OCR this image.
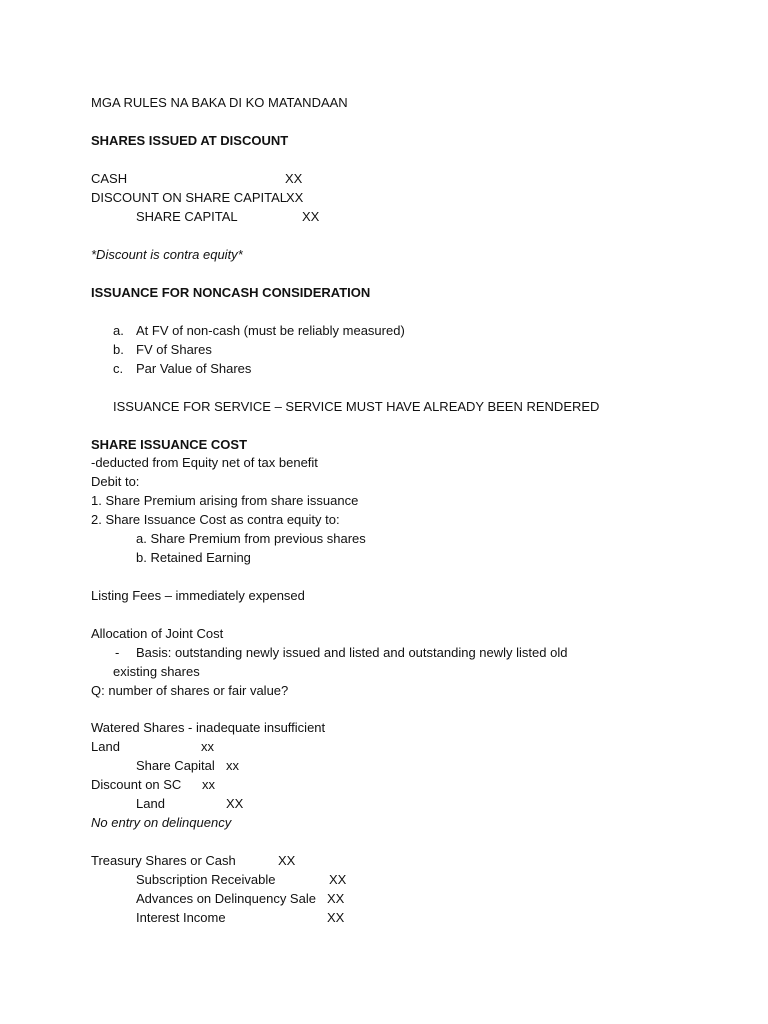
MGA RULES NA BAKA DI KO MATANDAAN
SHARES ISSUED AT DISCOUNT
CASH	XX
DISCOUNT ON SHARE CAPITAL XX
SHARE CAPITAL	XX
*Discount is contra equity*
ISSUANCE FOR NONCASH CONSIDERATION
a. At FV of non-cash (must be reliably measured)
b. FV of Shares
c. Par Value of Shares
ISSUANCE FOR SERVICE – SERVICE MUST HAVE ALREADY BEEN RENDERED
SHARE ISSUANCE COST
-deducted from Equity net of tax benefit
Debit to:
1. Share Premium arising from share issuance
2. Share Issuance Cost as contra equity to:
a. Share Premium from previous shares
b. Retained Earning
Listing Fees – immediately expensed
Allocation of Joint Cost
- Basis: outstanding newly issued and listed and outstanding newly listed old
existing shares
Q: number of shares or fair value?
Watered Shares - inadequate insufficient
Land	xx
Share Capital xx
Discount on SC xx
Land	XX
No entry on delinquency
Treasury Shares or Cash	XX
Subscription Receivable	XX
Advances on Delinquency Sale XX
Interest Income	XX
